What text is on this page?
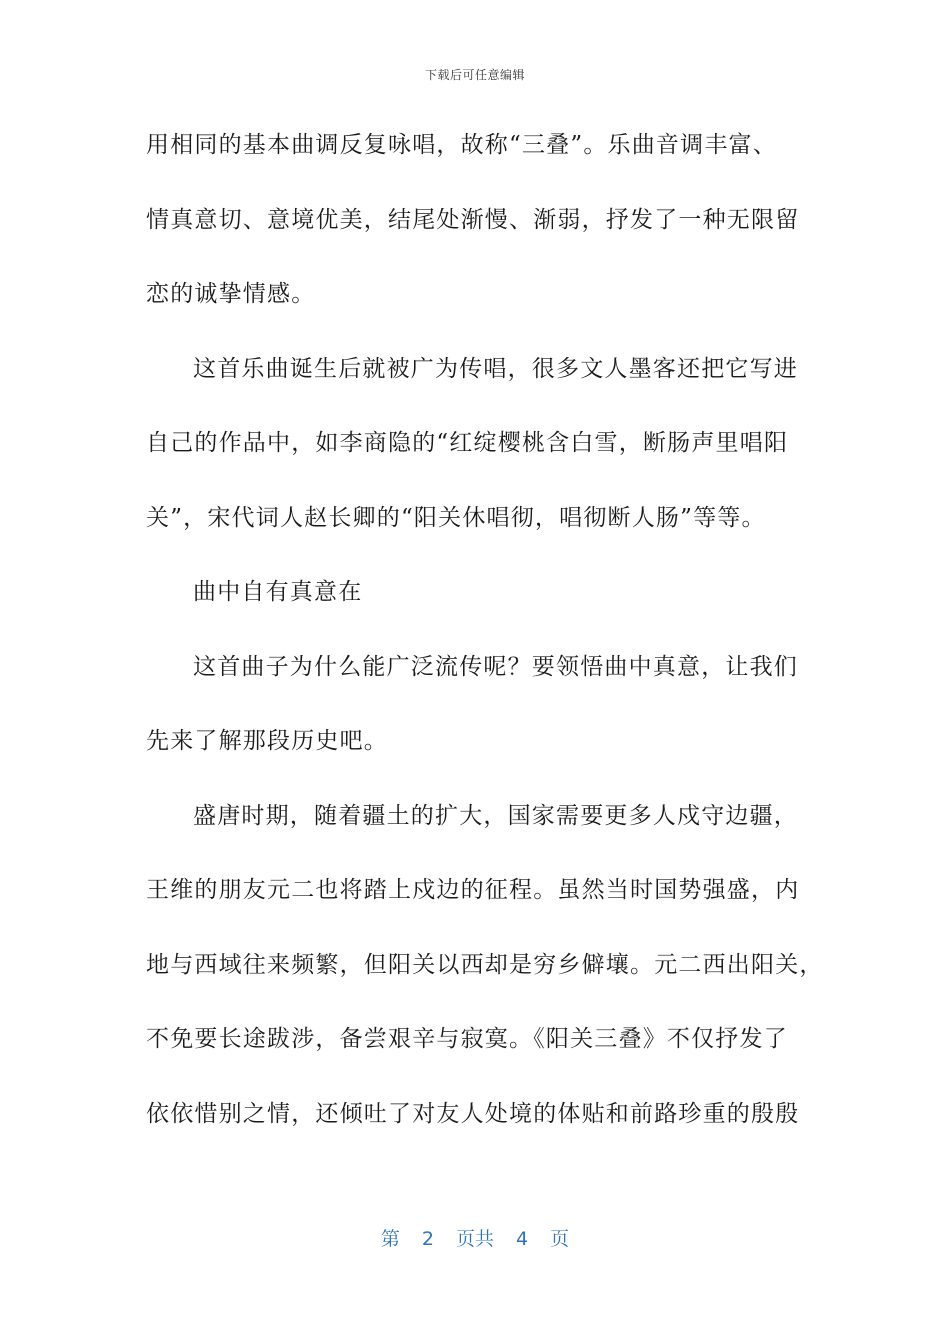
下载后可任意编辑
用相同的基本曲调反复咏唱，故称“三叠”。乐曲音调丰富、
情真意切、意境优美，结尾处渐慢、渐弱，抒发了一种无限留
恋的诚挚情感。
这首乐曲诞生后就被广为传唱，很多文人墨客还把它写进
自己的作品中，如李商隐的“红绽樱桃含白雪，断肠声里唱阳
关”，宋代词人赵长卿的“阳关休唱彻，唱彻断人肠”等等。
曲中自有真意在
这首曲子为什么能广泛流传呢？要领悟曲中真意，让我们
先来了解那段历史吧。
盛唐时期，随着疆土的扩大，国家需要更多人戍守边疆，
王维的朋友元二也将踏上戍边的征程。虽然当时国势强盛，内
地与西域往来频繁，但阳关以西却是穷乡僻壤。元二西出阳关，
不免要长途跋涉，备尝艰辛与寂寞。《阳关三叠》不仅抒发了
依依惜别之情，还倾吐了对友人处境的体贴和前路珍重的殷殷
第 2 页共 4 页
